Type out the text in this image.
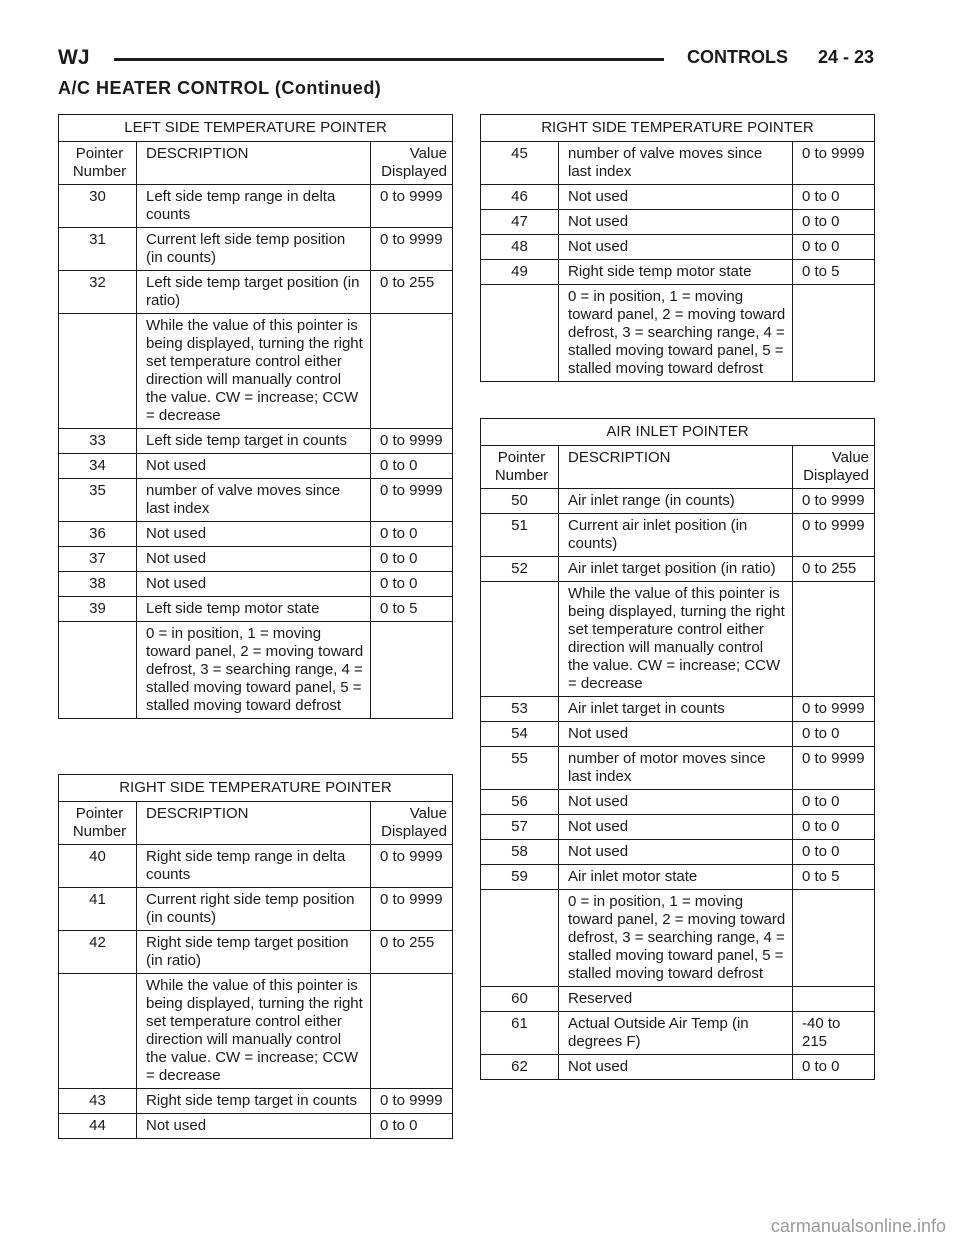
WJ	CONTROLS 24 - 23
A/C HEATER CONTROL (Continued)
LEFT SIDE TEMPERATURE POINTER		
Pointer
Number	DESCRIPTION	Value
Displayed
30	Left side temp range in delta counts	0 to 9999
31	Current left side temp position (in counts)	0 to 9999
32	Left side temp target position (in ratio)	0 to 255
	While the value of this pointer is being displayed, turning the right set temperature control either direction will manually control the value. CW = increase; CCW = decrease	
33	Left side temp target in counts	0 to 9999
34	Not used	0 to 0
35	number of valve moves since last index	0 to 9999
36	Not used	0 to 0
37	Not used	0 to 0
38	Not used	0 to 0
39	Left side temp motor state	0 to 5
	0 = in position, 1 = moving toward panel, 2 = moving toward defrost, 3 = searching range, 4 = stalled moving toward panel, 5 = stalled moving toward defrost	
RIGHT SIDE TEMPERATURE POINTER		
Pointer
Number	DESCRIPTION	Value
Displayed
40	Right side temp range in delta counts	0 to 9999
41	Current right side temp position (in counts)	0 to 9999
42	Right side temp target position (in ratio)	0 to 255
	While the value of this pointer is being displayed, turning the right set temperature control either direction will manually control the value. CW = increase; CCW = decrease	
43	Right side temp target in counts	0 to 9999
44	Not used	0 to 0
RIGHT SIDE TEMPERATURE POINTER		
45	number of valve moves since last index	0 to 9999
46	Not used	0 to 0
47	Not used	0 to 0
48	Not used	0 to 0
49	Right side temp motor state	0 to 5
	0 = in position, 1 = moving toward panel, 2 = moving toward defrost, 3 = searching range, 4 = stalled moving toward panel, 5 = stalled moving toward defrost	
AIR INLET POINTER		
Pointer
Number	DESCRIPTION	Value
Displayed
50	Air inlet range (in counts)	0 to 9999
51	Current air inlet position (in counts)	0 to 9999
52	Air inlet target position (in ratio)	0 to 255
	While the value of this pointer is being displayed, turning the right set temperature control either direction will manually control the value. CW = increase; CCW = decrease	
53	Air inlet target in counts	0 to 9999
54	Not used	0 to 0
55	number of motor moves since last index	0 to 9999
56	Not used	0 to 0
57	Not used	0 to 0
58	Not used	0 to 0
59	Air inlet motor state	0 to 5
	0 = in position, 1 = moving toward panel, 2 = moving toward defrost, 3 = searching range, 4 = stalled moving toward panel, 5 = stalled moving toward defrost	
60	Reserved	
61	Actual Outside Air Temp (in degrees F)	-40 to 215
62	Not used	0 to 0
carmanualsonline.info
